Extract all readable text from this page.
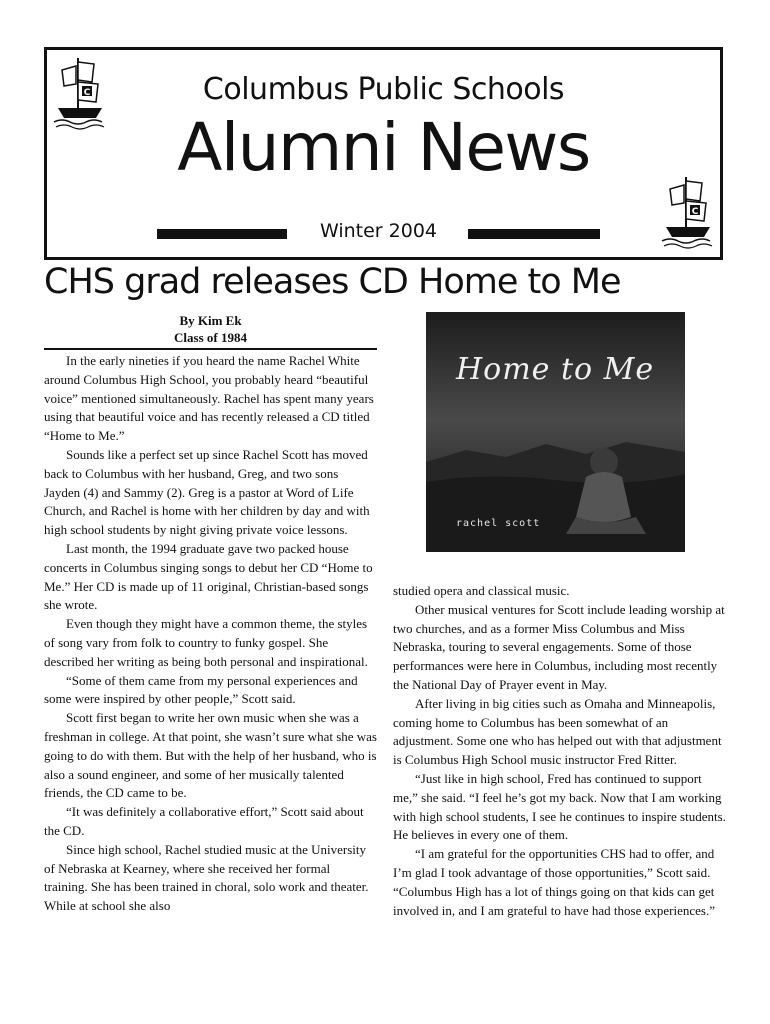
Columbus Public Schools
Alumni News
Winter 2004
C
C
CHS grad releases CD Home to Me
By Kim Ek
Class of 1984

In the early nineties if you heard the name Rachel White around Columbus High School, you probably heard “beautiful voice” mentioned simultaneously. Rachel has spent many years using that beautiful voice and has recently released a CD titled “Home to Me.”

Sounds like a perfect set up since Rachel Scott has moved back to Columbus with her husband, Greg, and two sons Jayden (4) and Sammy (2). Greg is a pastor at Word of Life Church, and Rachel is home with her children by day and with high school students by night giving private voice lessons.

Last month, the 1994 graduate gave two packed house concerts in Columbus singing songs to debut her CD “Home to Me.” Her CD is made up of 11 original, Christian-based songs she wrote.

Even though they might have a common theme, the styles of song vary from folk to country to funky gospel. She described her writing as being both personal and inspirational.

“Some of them came from my personal experiences and some were inspired by other people,” Scott said.

Scott first began to write her own music when she was a freshman in college. At that point, she wasn’t sure what she was going to do with them. But with the help of her husband, who is also a sound engineer, and some of her musically talented friends, the CD came to be.

“It was definitely a collaborative effort,” Scott said about the CD.

Since high school, Rachel studied music at the University of Nebraska at Kearney, where she received her formal training. She has been trained in choral, solo work and theater. While at school she also

Home to Me
rachel scott

studied opera and classical music.

Other musical ventures for Scott include leading worship at two churches, and as a former Miss Columbus and Miss Nebraska, touring to several engagements. Some of those performances were here in Columbus, including most recently the National Day of Prayer event in May.

After living in big cities such as Omaha and Minneapolis, coming home to Columbus has been somewhat of an adjustment. Some one who has helped out with that adjustment is Columbus High School music instructor Fred Ritter.

“Just like in high school, Fred has continued to support me,” she said. “I feel he’s got my back. Now that I am working with high school students, I see he continues to inspire students. He believes in every one of them.

“I am grateful for the opportunities CHS had to offer, and I’m glad I took advantage of those opportunities,” Scott said. “Columbus High has a lot of things going on that kids can get involved in, and I am grateful to have had those experiences.”
